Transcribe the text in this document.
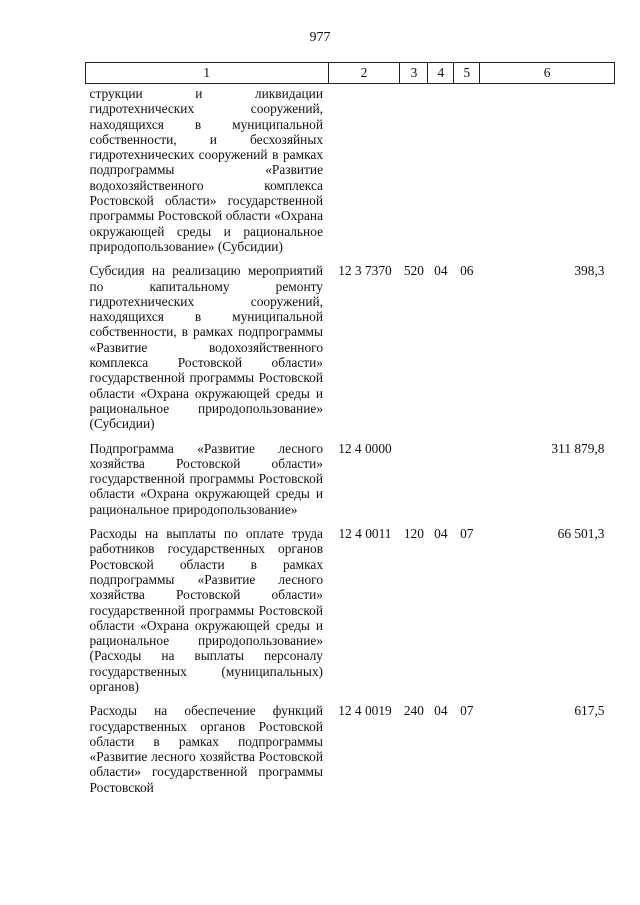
977
1	2	3	4	5	6
струкции и ликвидации гидротехнических сооружений, находящихся в муниципальной собственности, и бесхозяйных гидротехнических сооружений в рамках подпрограммы «Развитие водохозяйственного комплекса Ростовской области» государственной программы Ростовской области «Охрана окружающей среды и рациональное природопользование» (Субсидии)					
Субсидия на реализацию мероприятий по капитальному ремонту гидротехнических сооружений, находящихся в муниципальной собственности, в рамках подпрограммы «Развитие водохозяйственного комплекса Ростовской области» государственной программы Ростовской области «Охрана окружающей среды и рациональное природопользование» (Субсидии)	12 3 7370	520	04	06	398,3
Подпрограмма «Развитие лесного хозяйства Ростовской области» государственной программы Ростовской области «Охрана окружающей среды и рациональное природопользование»	12 4 0000				311 879,8
Расходы на выплаты по оплате труда работников государственных органов Ростовской области в рамках подпрограммы «Развитие лесного хозяйства Ростовской области» государственной программы Ростовской области «Охрана окружающей среды и рациональное природопользование» (Расходы на выплаты персоналу государственных (муниципальных) органов)	12 4 0011	120	04	07	66 501,3
Расходы на обеспечение функций государственных органов Ростовской области в рамках подпрограммы «Развитие лесного хозяйства Ростовской области» государственной программы Ростовской	12 4 0019	240	04	07	617,5
